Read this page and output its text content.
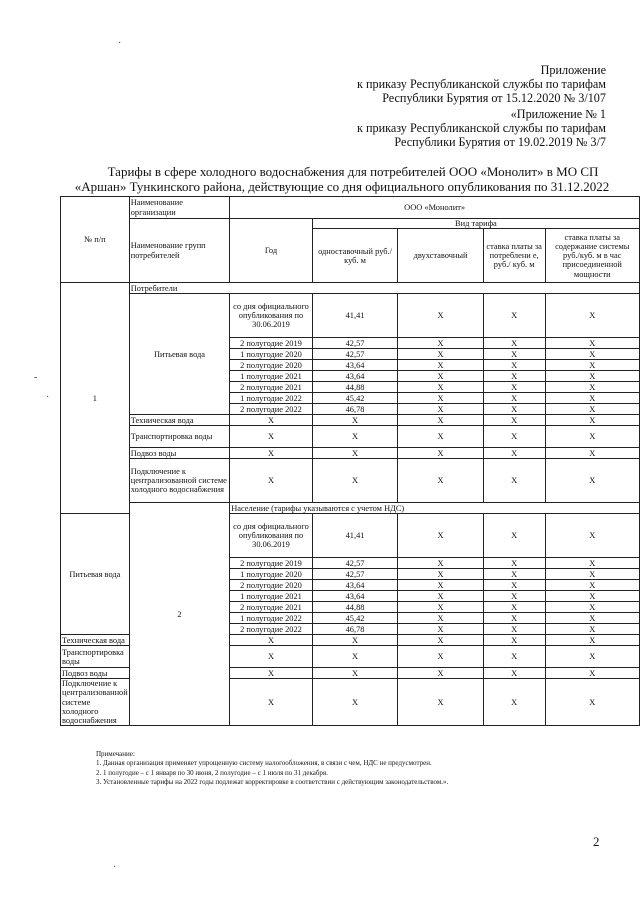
Приложение
к приказу Республиканской службы по тарифам
Республики Бурятия от 15.12.2020 № 3/107
«Приложение № 1
к приказу Республиканской службы по тарифам
Республики Бурятия от 19.02.2019 № 3/7
Тарифы в сфере холодного водоснабжения для потребителей ООО «Монолит» в МО СП
«Аршан» Тункинского района, действующие со дня официального опубликования по 31.12.2022
№ п/п	Наименование организации	ООО «Монолит»				
	Наименование групп потребителей	Год	Вид тарифа			
			одноставочный руб./ куб. м	двухставочный	ставка платы за потреблени е, руб./ куб. м	ставка платы за содержание системы руб./куб. м в час присоединенной мощности
1	Потребители					
	Питьевая вода	со дня официального опубликования по 30.06.2019	41,41	X	X	X
		2 полугодие 2019	42,57	X	X	X
		1 полугодие 2020	42,57	X	X	X
		2 полугодие 2020	43,64	X	X	X
		1 полугодие 2021	43,64	X	X	X
		2 полугодие 2021	44,88	X	X	X
		1 полугодие 2022	45,42	X	X	X
		2 полугодие 2022	46,78	X	X	X
	Техническая вода	X	X	X	X	X
	Транспортировка воды	X	X	X	X	X
	Подвоз воды	X	X	X	X	X
	Подключение к централизованной системе холодного водоснабжения	X	X	X	X	X
	2	Население (тарифы указываются с учетом НДС)				
Питьевая вода		со дня официального опубликования по 30.06.2019	41,41	X	X	X
		2 полугодие 2019	42,57	X	X	X
		1 полугодие 2020	42,57	X	X	X
		2 полугодие 2020	43,64	X	X	X
		1 полугодие 2021	43,64	X	X	X
		2 полугодие 2021	44,88	X	X	X
		1 полугодие 2022	45,42	X	X	X
		2 полугодие 2022	46,78	X	X	X
Техническая вода		X	X	X	X	X
Транспортировка воды		X	X	X	X	X
Подвоз воды		X	X	X	X	X
Подключение к централизованной системе холодного водоснабжения		X	X	X	X	X
Примечание:
1. Данная организация применяет упрощенную систему налогообложения, в связи с чем, НДС не предусмотрен.
2. 1 полугодие – с 1 января по 30 июня, 2 полугодие – с 1 июля по 31 декабря.
3. Установленные тарифы на 2022 годы подлежат корректировке в соответствии с действующим законодательством.».
2
·
-
·
·
